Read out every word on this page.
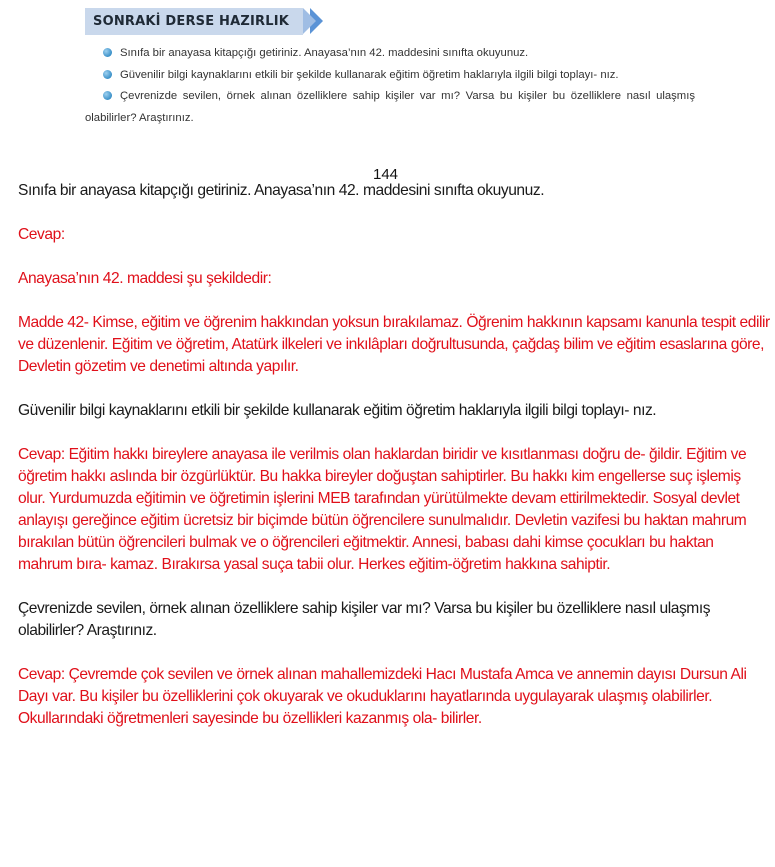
SONRAKİ DERSE HAZIRLIK
Sınıfa bir anayasa kitapçığı getiriniz. Anayasa’nın 42. maddesini sınıfta okuyunuz.
Güvenilir bilgi kaynaklarını etkili bir şekilde kullanarak eğitim öğretim haklarıyla ilgili bilgi toplayı- nız.
Çevrenizde sevilen, örnek alınan özelliklere sahip kişiler var mı? Varsa bu kişiler bu özelliklere nasıl ulaşmış olabilirler? Araştırınız.
144

Sınıfa bir anayasa kitapçığı getiriniz. Anayasa’nın 42. maddesini sınıfta okuyunuz.

Cevap:

Anayasa’nın 42. maddesi şu şekildedir:

Madde 42- Kimse, eğitim ve öğrenim hakkından yoksun bırakılamaz. Öğrenim hakkının kapsamı kanunla tespit edilir ve düzenlenir. Eğitim ve öğretim, Atatürk ilkeleri ve inkılâpları doğrultusunda, çağdaş bilim ve eğitim esaslarına göre, Devletin gözetim ve denetimi altında yapılır.

Güvenilir bilgi kaynaklarını etkili bir şekilde kullanarak eğitim öğretim haklarıyla ilgili bilgi toplayı- nız.

Cevap: Eğitim hakkı bireylere anayasa ile verilmis olan haklardan biridir ve kısıtlanması doğru de- ğildir. Eğitim ve öğretim hakkı aslında bir özgürlüktür. Bu hakka bireyler doğuştan sahiptirler. Bu hakkı kim engellerse suç işlemiş olur. Yurdumuzda eğitimin ve öğretimin işlerini MEB tarafından yürütülmekte devam ettirilmektedir. Sosyal devlet anlayışı gereğince eğitim ücretsiz bir biçimde bütün öğrencilere sunulmalıdır. Devletin vazifesi bu haktan mahrum bırakılan bütün öğrencileri bulmak ve o öğrencileri eğitmektir. Annesi, babası dahi kimse çocukları bu haktan mahrum bıra- kamaz. Bırakırsa yasal suça tabii olur. Herkes eğitim-öğretim hakkına sahiptir.

Çevrenizde sevilen, örnek alınan özelliklere sahip kişiler var mı? Varsa bu kişiler bu özelliklere nasıl ulaşmış olabilirler? Araştırınız.

Cevap: Çevremde çok sevilen ve örnek alınan mahallemizdeki Hacı Mustafa Amca ve annemin dayısı Dursun Ali Dayı var. Bu kişiler bu özelliklerini çok okuyarak ve okuduklarını hayatlarında uygulayarak ulaşmış olabilirler. Okullarındaki öğretmenleri sayesinde bu özellikleri kazanmış ola- bilirler.
